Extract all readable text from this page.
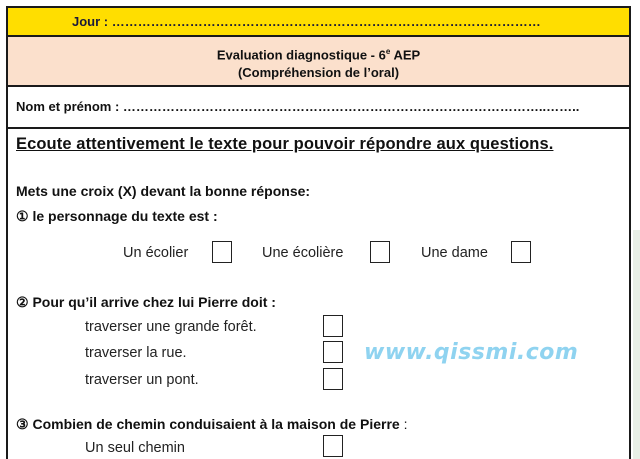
Jour : ………………………………………………………………………………………
Evaluation diagnostique - 6e AEP
(Compréhension de l’oral)
Nom et prénom : ……………………………………………………………………………………..……..
Ecoute attentivement le texte pour pouvoir répondre aux questions.
Mets une croix (X) devant la bonne réponse:
① le personnage du texte est :
Un écolier	Une écolière	Une dame
② Pour qu’il arrive chez lui Pierre doit :
traverser une grande forêt.
traverser la rue.
traverser un pont.
③ Combien de chemin conduisaient à la maison de Pierre :
Un seul chemin
www.qissmi.com
